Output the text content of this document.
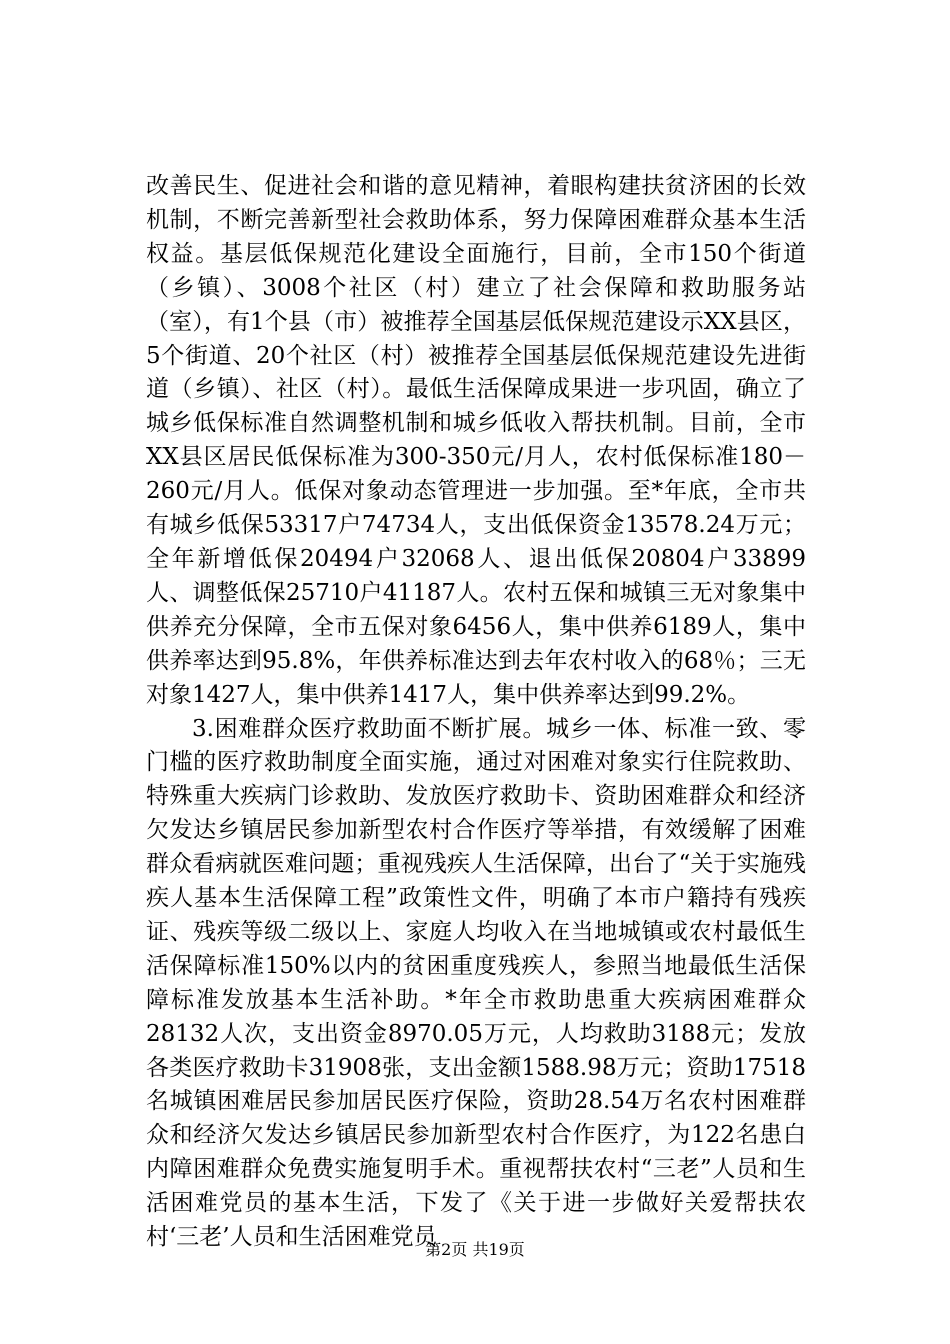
改善民生、促进社会和谐的意见精神，着眼构建扶贫济困的长效机制，不断完善新型社会救助体系，努力保障困难群众基本生活权益。基层低保规范化建设全面施行，目前，全市150个街道（乡镇）、3008个社区（村）建立了社会保障和救助服务站（室），有1个县（市）被推荐全国基层低保规范建设示XX县区，5个街道、20个社区（村）被推荐全国基层低保规范建设先进街道（乡镇）、社区（村）。最低生活保障成果进一步巩固，确立了城乡低保标准自然调整机制和城乡低收入帮扶机制。目前，全市XX县区居民低保标准为300-350元/月人，农村低保标准180－260元/月人。低保对象动态管理进一步加强。至*年底，全市共有城乡低保53317户74734人，支出低保资金13578.24万元；全年新增低保20494户32068人、退出低保20804户33899人、调整低保25710户41187人。农村五保和城镇三无对象集中供养充分保障，全市五保对象6456人，集中供养6189人，集中供养率达到95.8%，年供养标准达到去年农村收入的68％；三无对象1427人，集中供养1417人，集中供养率达到99.2%。

3.困难群众医疗救助面不断扩展。城乡一体、标准一致、零门槛的医疗救助制度全面实施，通过对困难对象实行住院救助、特殊重大疾病门诊救助、发放医疗救助卡、资助困难群众和经济欠发达乡镇居民参加新型农村合作医疗等举措，有效缓解了困难群众看病就医难问题；重视残疾人生活保障，出台了“关于实施残疾人基本生活保障工程”政策性文件，明确了本市户籍持有残疾证、残疾等级二级以上、家庭人均收入在当地城镇或农村最低生活保障标准150%以内的贫困重度残疾人，参照当地最低生活保障标准发放基本生活补助。*年全市救助患重大疾病困难群众28132人次，支出资金8970.05万元，人均救助3188元；发放各类医疗救助卡31908张，支出金额1588.98万元；资助17518名城镇困难居民参加居民医疗保险，资助28.54万名农村困难群众和经济欠发达乡镇居民参加新型农村合作医疗，为122名患白内障困难群众免费实施复明手术。重视帮扶农村“三老”人员和生活困难党员的基本生活，下发了《关于进一步做好关爱帮扶农村‘三老’人员和生活困难党员

第2页 共19页
